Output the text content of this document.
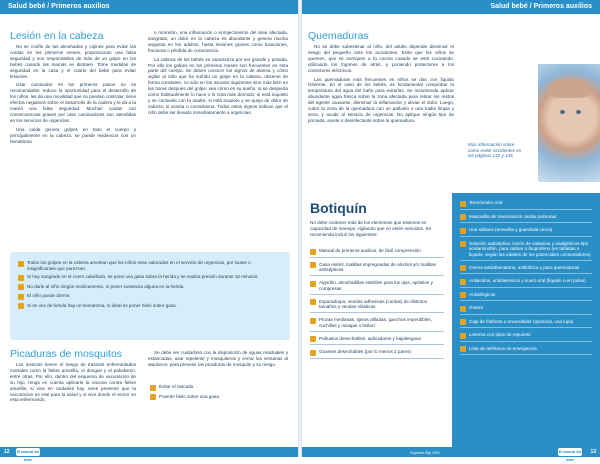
Salud bebé / Primeros auxilios
Lesión en la cabeza

No se confíe de las almohadas y cojines para evitar las caídas en los primeros meses, proporcionan una falsa seguridad y son responsables de más de un golpe en los bebés cuando las mamás se distraen. Tome medidas de seguridad en la casa y el cuarto del bebé para evitar lesiones.

Usar caminador en los primeros pasos no es recomendable: reduce la oportunidad para el desarrollo de los niños, les da una movilidad que no pueden controlar, tiene efectos negativos sobre el desarrollo de la cadera y le da a la mamá una falsa seguridad. Muchas caídas con consecuencias graves por usar caminadores son atendidas en los servicios de urgencias.

Una caída genera golpes en todo el cuerpo y principalmente en la cabeza, se puede evidenciar con un hematoma

o morretón, una inflamación o enrojecimiento del área afectada, sangrado, un dolor en la cabeza es abundante y genera mucha angustia en los adultos, hasta lesiones graves como luxaciones, fracturas o pérdida de consciencia.

La cabeza de los bebés se caracteriza por ser grande y pesada. Por ello los golpes en los primeros meses son frecuentes en esta parte del cuerpo. Se deben conocer los signos de alarma y cómo vigilar al niño que ha sufrido un golpe en la cabeza, observe de forma constante, no sólo en los minutos siguientes sino más bien en las horas después del golpe; vea cómo es su sueño, si se despierta como habitualmente lo hace o lo nota más dormido; si está inquieto y se consuela con la madre; si está inquieto y se queja de dolor de cabeza; si vomita o convulsiona. Todos estos signos indican que el niño debe ser llevado inmediatamente a urgencias.

Todos los golpes en la cabeza ameritan que los niños sean valorados en el servicio de urgencias, por suave o insignificantes que parezcan.
Si hay sangrado en el cuero cabelludo, se pone una gasa sobre la herida y se realiza presión durante 10 minutos.
No darle al niño ningún medicamento, ni poner sustancia alguna en la herida.
El niño puede dormir.
Si en vez de herida hay un hematoma, lo ideal es poner hielo sobre gasa.
Picaduras de mosquitos

Los insectos tienen el riesgo de trasmitir enfermedades mortales como la fiebre amarilla, el dengue y el paludismo, entre otras. Por ello, dentro del esquema de vacunación de su hijo, tenga en cuenta aplicarle la vacuna contra fiebre amarilla, si viva en ciudades hay, tiene presente que la vacunacion es vital para la salud y si vive donde el vector se esta enfermando.

Se debe ser cuidadoso con la disposición de aguas residuales y estancadas, usar repelente y mosquiteros y cerrar las ventanas al atardecer, para prevenir las picaduras de mosquito y su riesgo.

Evitar el rascado.
Ponerle hielo sobre una gasa.
12 El manual del bebé
Salud bebé / Primeros auxilios
Quemaduras

No se debe subestimar al niño, del adulto depende disminuir el riesgo del pequeño ante los accidentes. Evite que los niños se quemen, que se acerquen a la cocina cuando se esté cocinando, utilizando los fogones de atrás, y poniendo protectores a los conectores eléctricos.

Las quemaduras más frecuentes en niños se dan con líquido hirviente. En el caso de los bebés, es fundamental comprobar la temperatura del agua del baño para evitarlas. Se recomienda aplicar abundante agua fresca sobre la zona afectada para retirar los restos del agente causante, disminuir la inflamación y aliviar el dolor. Luego, cubrir la zona de la quemadura con un pañuelo o una toalla limpia y seca, y acudir al servicio de urgencias. No aplique ningún tipo de pomada, aceite o desinfectante sobre la quemadura.

Más información sobre cómo evitar accidentes en las páginas 132 y 135
Botiquín
No debe contener más de los elementos que estemos en capacidad de manejar, vigilando que no estén vencidos. Se recomienda incluir los siguientes:
Manual de primeros auxilios, de fácil comprensión
Gasa estéril, toallitas impregnadas de alcohol y/o toallitas antisépticas
Algodón, almohadillas estériles para los ojos, apósitos y compresas
Esparadrapo, vendas adhesivas (curitas) de distintos tamaños y vendas elásticas
Pinzas medianas, tijeras afiladas, ganchos imperdibles, cuchillas y navajas o bisturí
Pañuelos desechables, aplicadores y bajalenguas
Guantes desechables (por lo menos 2 pares)
Termómetro oral
Mascarilla de reanimación cardio pulmonar
Una sábana (envuelta y guardada cerca)
Solución antiséptica, loción de calamina y analgésicos tipo acetaminofén, para calmar o ibuprofeno (en tabletas o líquido, según las edades de los potenciales consumidores)
Crema antiinflamatoria, antibiótica y para quemaduras
Antiácidos, antidiarreicos y suero oral (líquido o en polvo)
Antialérgicos
Gotero
Caja de fósforos o encendedor (opcional, una lupa)
Linterna con pilas de repuesto
Lista de teléfonos de emergencia
El manual del bebé
Soporte Bip VIVI	13
